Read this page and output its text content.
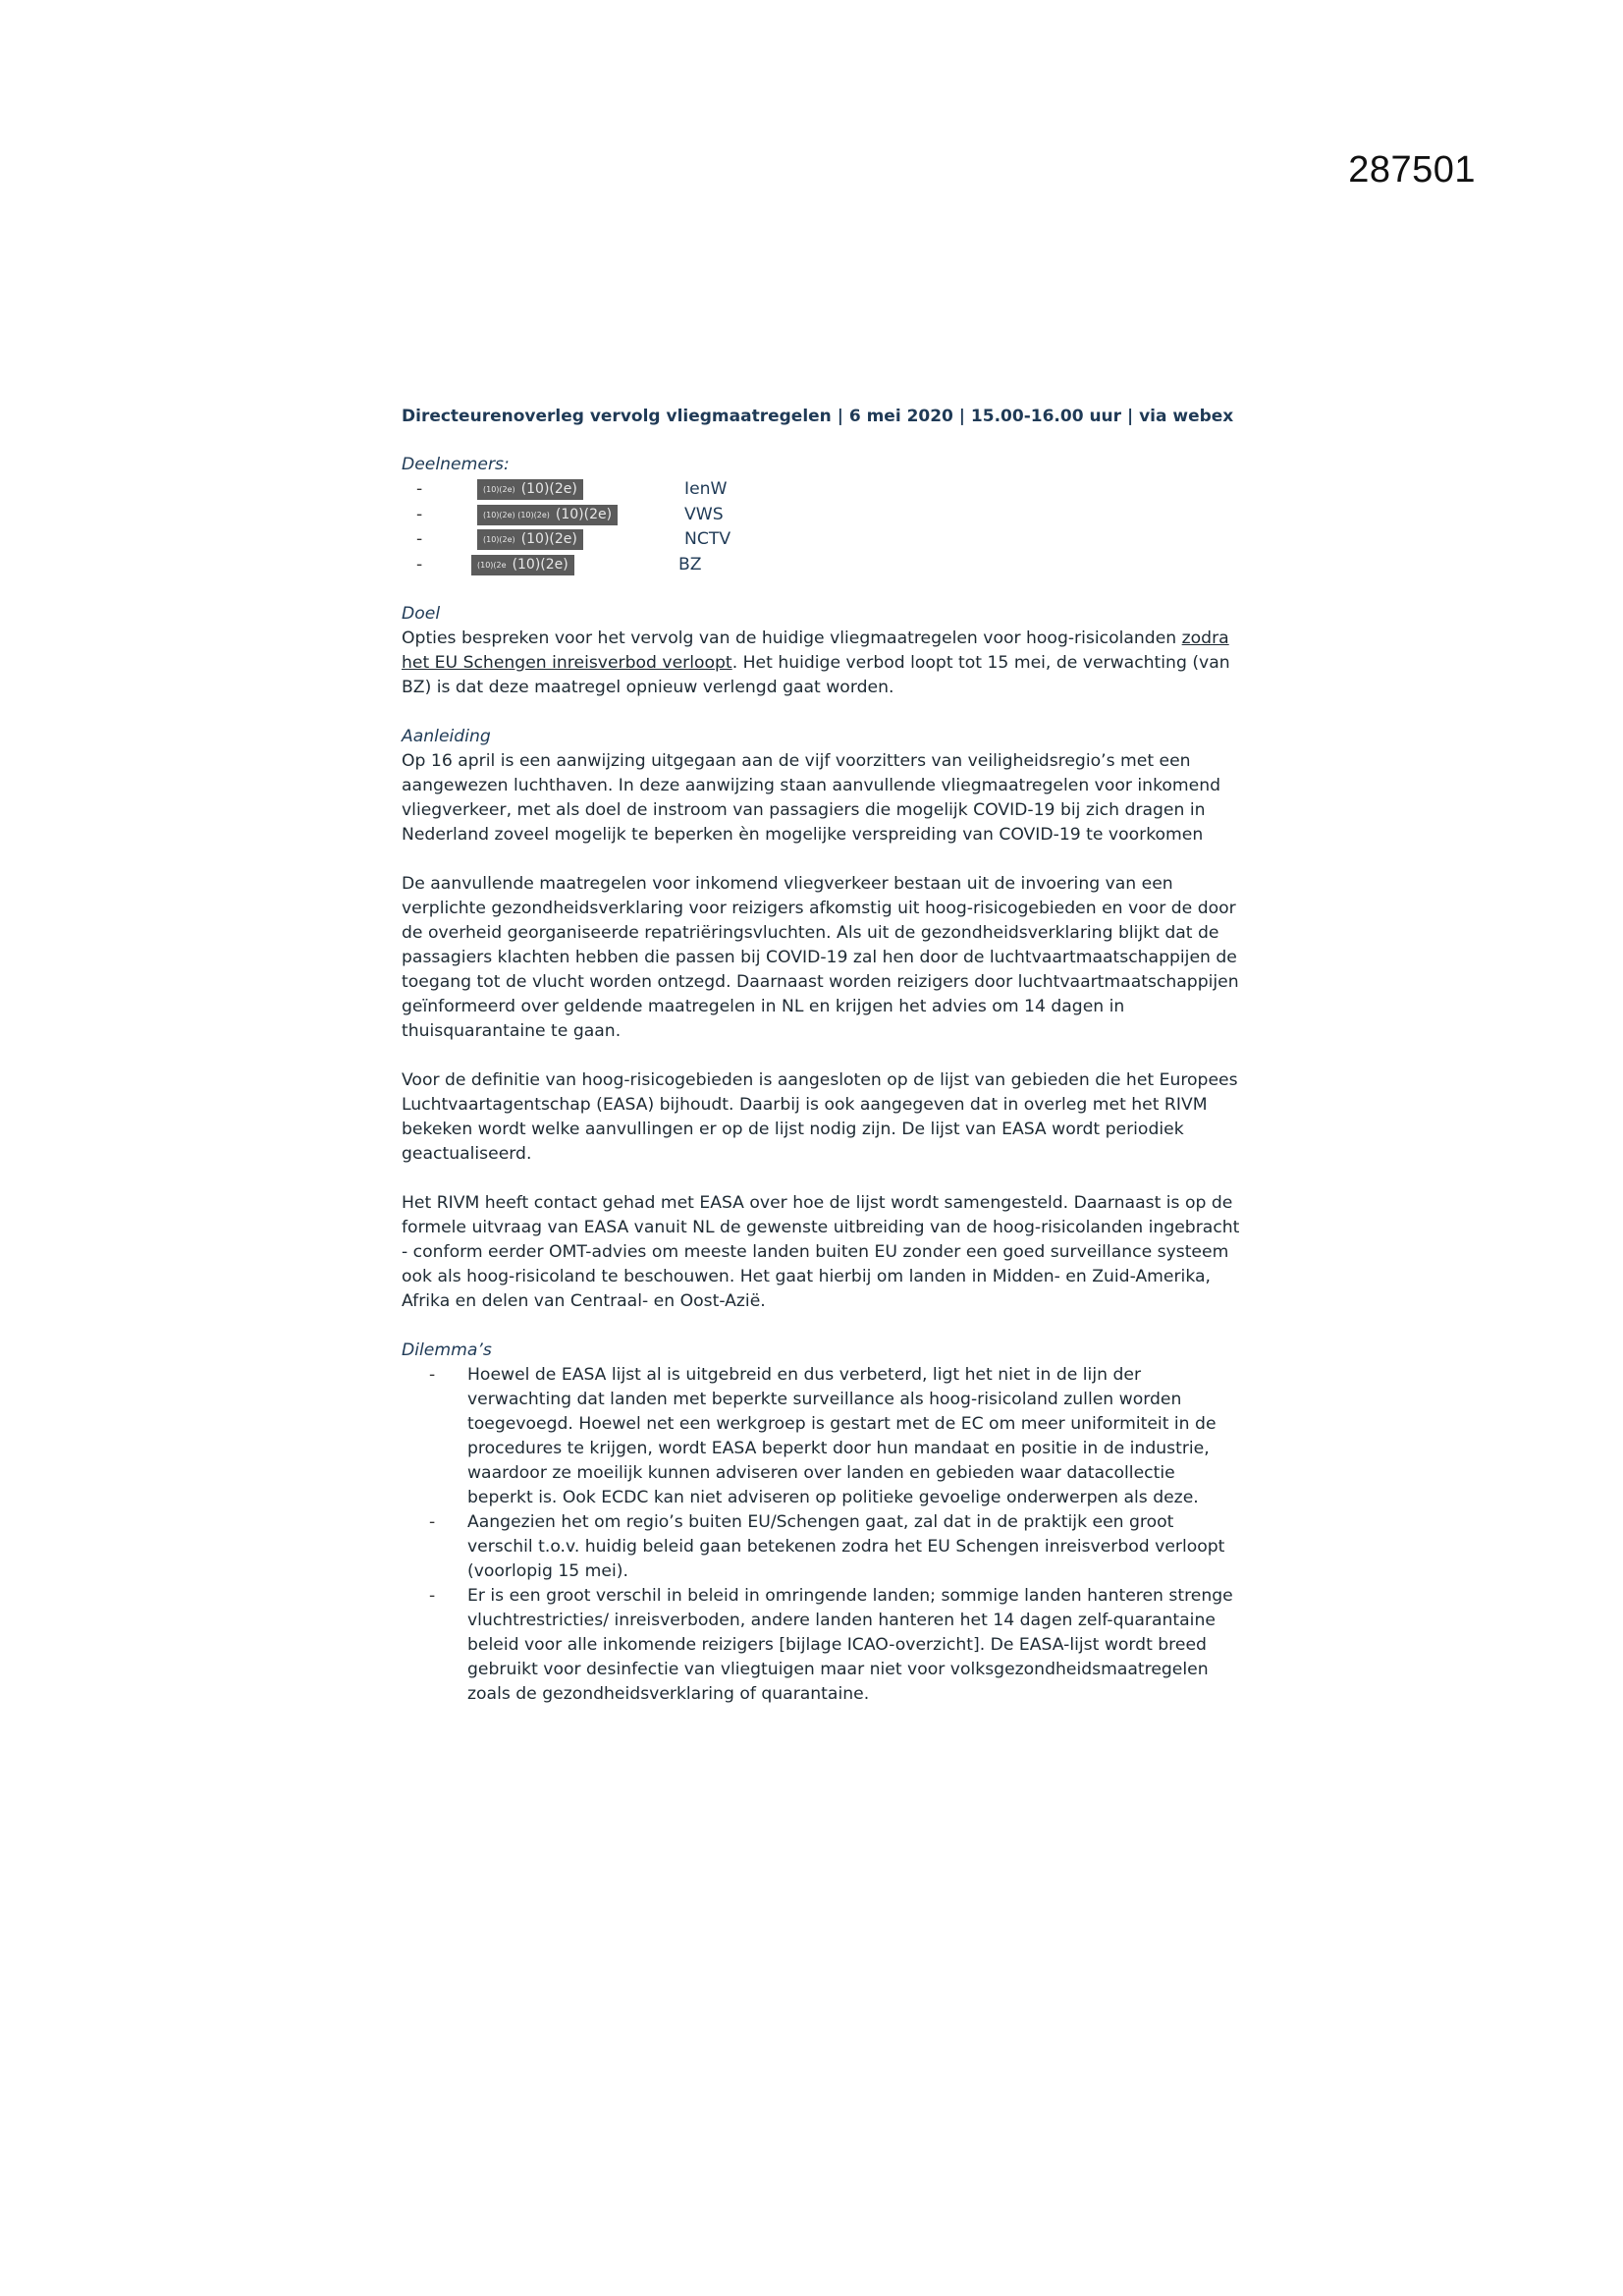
287501
Directeurenoverleg vervolg vliegmaatregelen | 6 mei 2020 | 15.00-16.00 uur | via webex
Deelnemers:
-	(10)(2e) (10)(2e)	IenW
-	(10)(2e) (10)(2e) (10)(2e)	VWS
-	(10)(2e) (10)(2e)	NCTV
-	(10)(2e (10)(2e)	BZ
Doel

Opties bespreken voor het vervolg van de huidige vliegmaatregelen voor hoog-risicolanden zodra het EU Schengen inreisverbod verloopt. Het huidige verbod loopt tot 15 mei, de verwachting (van BZ) is dat deze maatregel opnieuw verlengd gaat worden.

Aanleiding

Op 16 april is een aanwijzing uitgegaan aan de vijf voorzitters van veiligheidsregio’s met een aangewezen luchthaven. In deze aanwijzing staan aanvullende vliegmaatregelen voor inkomend vliegverkeer, met als doel de instroom van passagiers die mogelijk COVID-19 bij zich dragen in Nederland zoveel mogelijk te beperken èn mogelijke verspreiding van COVID-19 te voorkomen

De aanvullende maatregelen voor inkomend vliegverkeer bestaan uit de invoering van een verplichte gezondheidsverklaring voor reizigers afkomstig uit hoog-risicogebieden en voor de door de overheid georganiseerde repatriëringsvluchten. Als uit de gezondheidsverklaring blijkt dat de passagiers klachten hebben die passen bij COVID-19 zal hen door de luchtvaartmaatschappijen de toegang tot de vlucht worden ontzegd. Daarnaast worden reizigers door luchtvaartmaatschappijen geïnformeerd over geldende maatregelen in NL en krijgen het advies om 14 dagen in thuisquarantaine te gaan.

Voor de definitie van hoog-risicogebieden is aangesloten op de lijst van gebieden die het Europees Luchtvaartagentschap (EASA) bijhoudt. Daarbij is ook aangegeven dat in overleg met het RIVM bekeken wordt welke aanvullingen er op de lijst nodig zijn. De lijst van EASA wordt periodiek geactualiseerd.

Het RIVM heeft contact gehad met EASA over hoe de lijst wordt samengesteld. Daarnaast is op de formele uitvraag van EASA vanuit NL de gewenste uitbreiding van de hoog-risicolanden ingebracht - conform eerder OMT-advies om meeste landen buiten EU zonder een goed surveillance systeem ook als hoog-risicoland te beschouwen. Het gaat hierbij om landen in Midden- en Zuid-Amerika, Afrika en delen van Centraal- en Oost-Azië.

Dilemma’s
-	Hoewel de EASA lijst al is uitgebreid en dus verbeterd, ligt het niet in de lijn der verwachting dat landen met beperkte surveillance als hoog-risicoland zullen worden toegevoegd. Hoewel net een werkgroep is gestart met de EC om meer uniformiteit in de procedures te krijgen, wordt EASA beperkt door hun mandaat en positie in de industrie, waardoor ze moeilijk kunnen adviseren over landen en gebieden waar datacollectie beperkt is. Ook ECDC kan niet adviseren op politieke gevoelige onderwerpen als deze.
-	Aangezien het om regio’s buiten EU/Schengen gaat, zal dat in de praktijk een groot verschil t.o.v. huidig beleid gaan betekenen zodra het EU Schengen inreisverbod verloopt (voorlopig 15 mei).
-	Er is een groot verschil in beleid in omringende landen; sommige landen hanteren strenge vluchtrestricties/ inreisverboden, andere landen hanteren het 14 dagen zelf-quarantaine beleid voor alle inkomende reizigers [bijlage ICAO-overzicht]. De EASA-lijst wordt breed gebruikt voor desinfectie van vliegtuigen maar niet voor volksgezondheidsmaatregelen zoals de gezondheidsverklaring of quarantaine.
